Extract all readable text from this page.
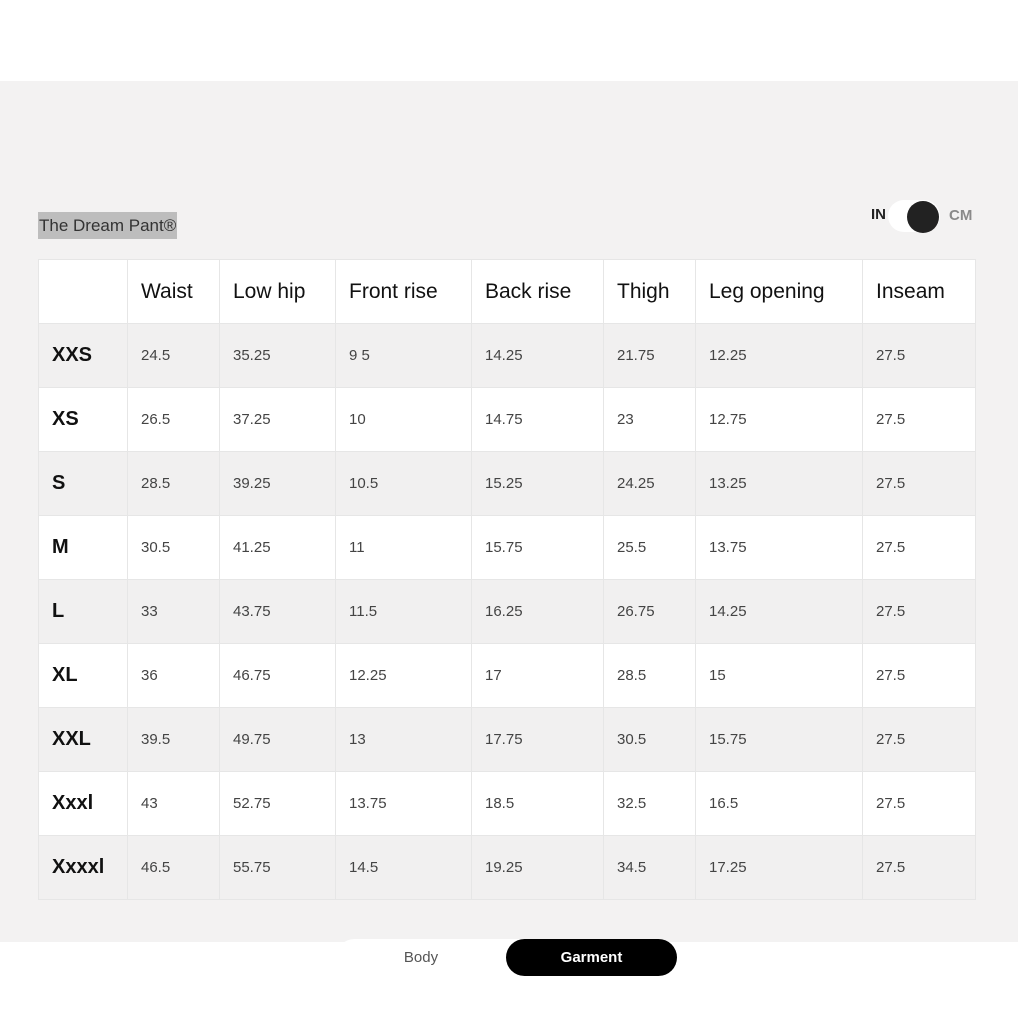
The Dream Pant®
IN	CM
	Waist	Low hip	Front rise	Back rise	Thigh	Leg opening	Inseam
XXS	24.5	35.25	9 5	14.25	21.75	12.25	27.5
XS	26.5	37.25	10	14.75	23	12.75	27.5
S	28.5	39.25	10.5	15.25	24.25	13.25	27.5
M	30.5	41.25	11	15.75	25.5	13.75	27.5
L	33	43.75	11.5	16.25	26.75	14.25	27.5
XL	36	46.75	12.25	17	28.5	15	27.5
XXL	39.5	49.75	13	17.75	30.5	15.75	27.5
Xxxl	43	52.75	13.75	18.5	32.5	16.5	27.5
Xxxxl	46.5	55.75	14.5	19.25	34.5	17.25	27.5
Body	Garment
